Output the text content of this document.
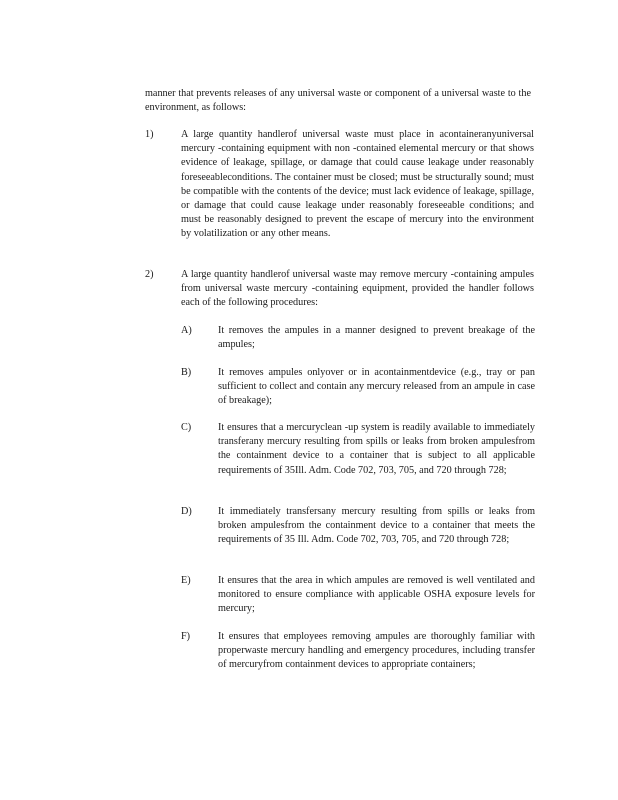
manner that prevents releases of any universal waste or component of a universal waste to the environment, as follows:
1)	A large quantity handlerof universal waste must place in acontaineranyuniversal mercury -containing equipment with non -contained elemental mercury or that shows evidence of leakage, spillage, or damage that could cause leakage under reasonably foreseeableconditions. The container must be closed; must be structurally sound; must be compatible with the contents of the device; must lack evidence of leakage, spillage, or damage that could cause leakage under reasonably foreseeable conditions; and must be reasonably designed to prevent the escape of mercury into the environment by volatilization or any other means.
2)	A large quantity handlerof universal waste may remove mercury -containing ampules from universal waste mercury -containing equipment, provided the handler follows each of the following procedures:
A)	It removes the ampules in a manner designed to prevent breakage of the ampules;
B)	It removes ampules onlyover or in acontainmentdevice (e.g., tray or pan sufficient to collect and contain any mercury released from an ampule in case of breakage);
C)	It ensures that a mercuryclean -up system is readily available to immediately transferany mercury resulting from spills or leaks from broken ampulesfrom the containment device to a container that is subject to all applicable requirements of 35Ill. Adm. Code 702, 703, 705, and 720 through 728;
D)	It immediately transfersany mercury resulting from spills or leaks from broken ampulesfrom the containment device to a container that meets the requirements of 35 Ill. Adm. Code 702, 703, 705, and 720 through 728;
E)	It ensures that the area in which ampules are removed is well ventilated and monitored to ensure compliance with applicable OSHA exposure levels for mercury;
F)	It ensures that employees removing ampules are thoroughly familiar with properwaste mercury handling and emergency procedures, including transfer of mercuryfrom containment devices to appropriate containers;
